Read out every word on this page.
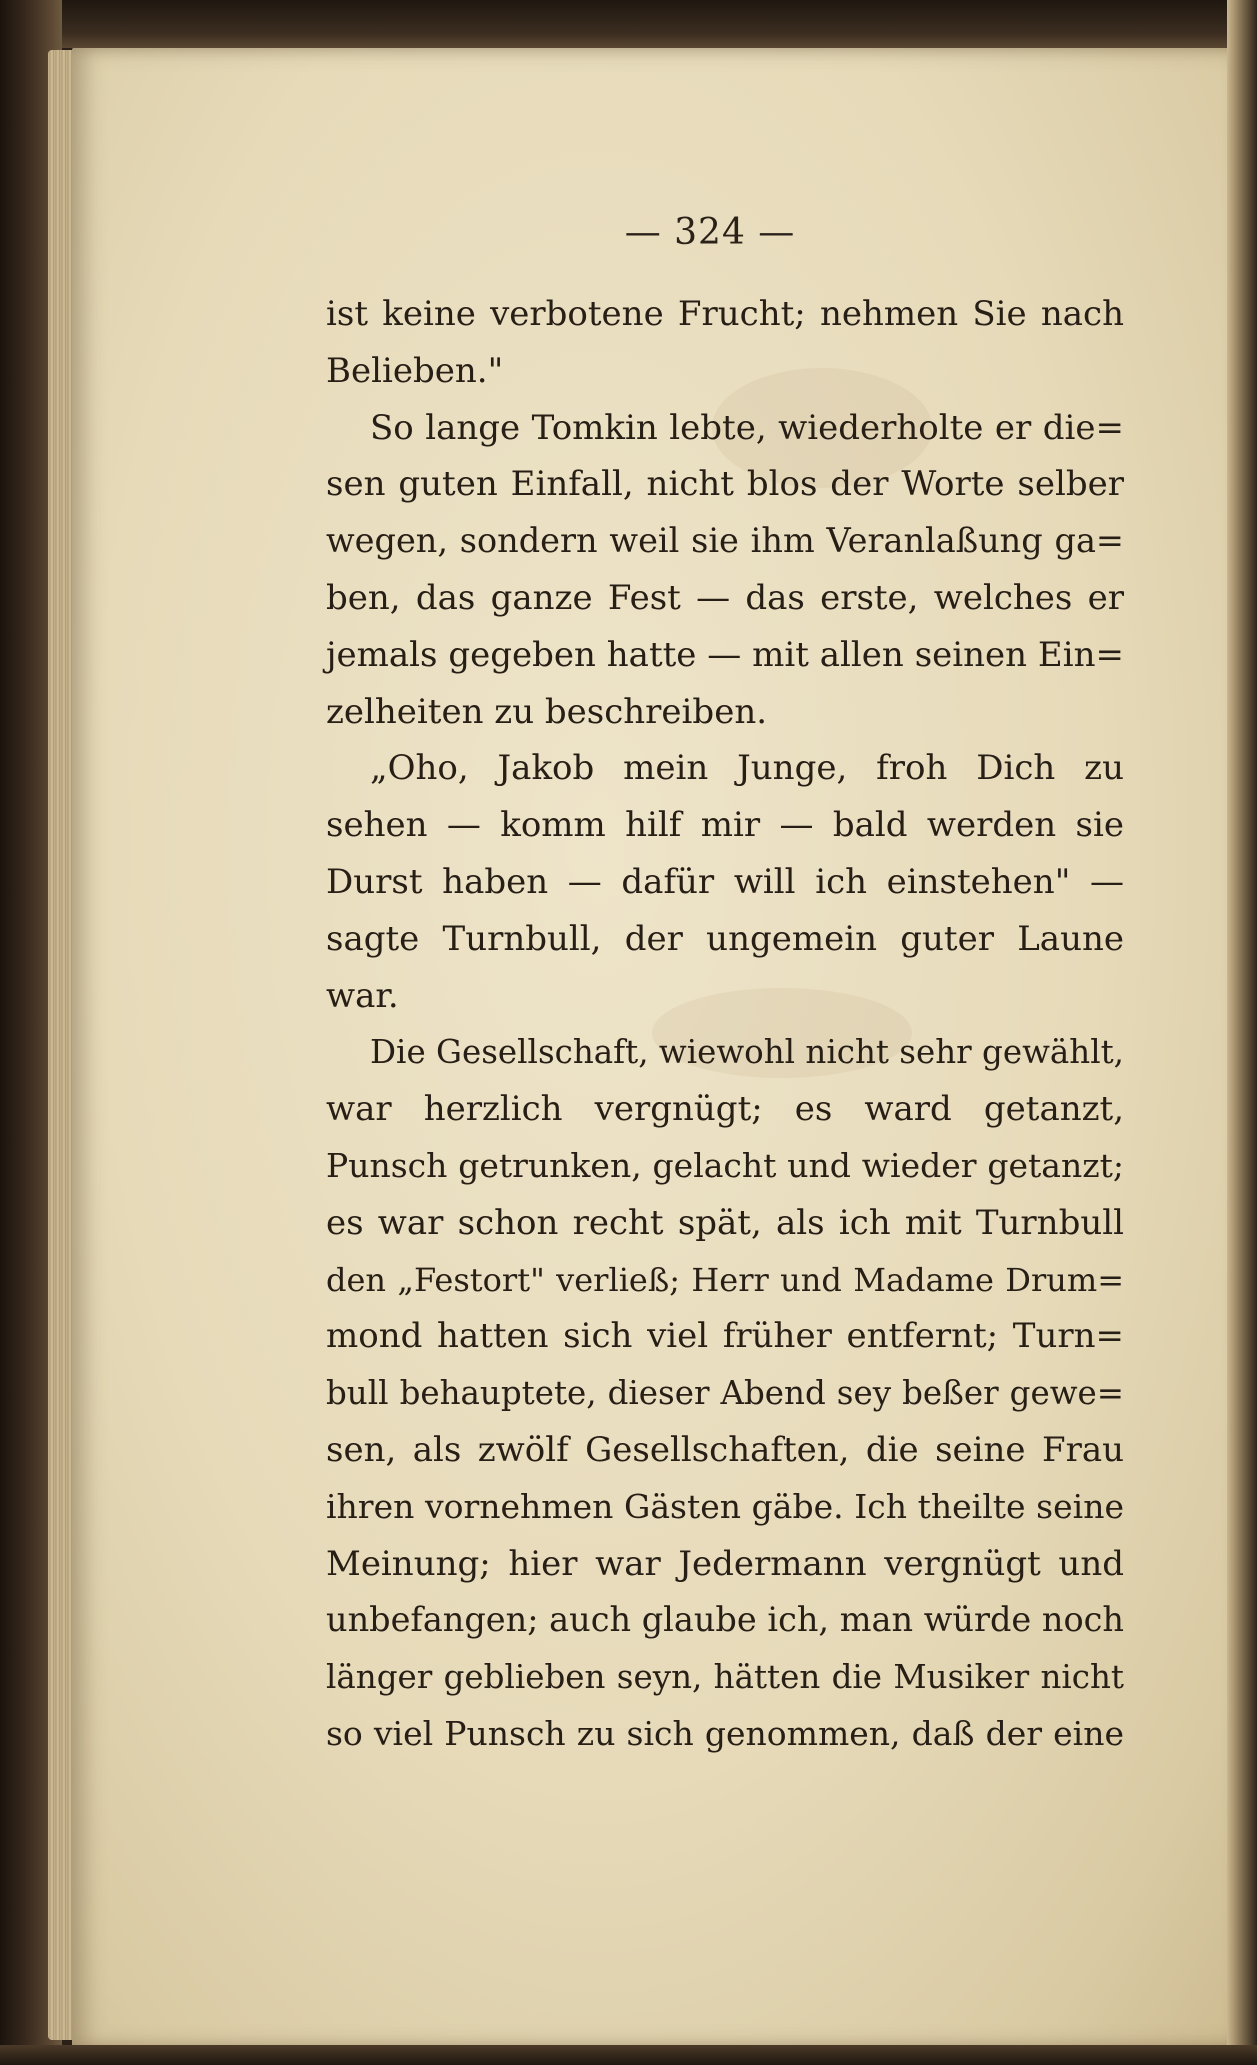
— 324 —
ist keine verbotene Frucht; nehmen Sie nach
Belieben."
So lange Tomkin lebte, wiederholte er die=
sen guten Einfall, nicht blos der Worte selber
wegen, sondern weil sie ihm Veranlaßung ga=
ben, das ganze Fest — das erste, welches er
jemals gegeben hatte — mit allen seinen Ein=
zelheiten zu beschreiben.
„Oho, Jakob mein Junge, froh Dich zu
sehen — komm hilf mir — bald werden sie
Durst haben — dafür will ich einstehen" —
sagte Turnbull, der ungemein guter Laune
war.
Die Gesellschaft, wiewohl nicht sehr gewählt,
war herzlich vergnügt; es ward getanzt,
Punsch getrunken, gelacht und wieder getanzt;
es war schon recht spät, als ich mit Turnbull
den „Festort" verließ; Herr und Madame Drum=
mond hatten sich viel früher entfernt; Turn=
bull behauptete, dieser Abend sey beßer gewe=
sen, als zwölf Gesellschaften, die seine Frau
ihren vornehmen Gästen gäbe. Ich theilte seine
Meinung; hier war Jedermann vergnügt und
unbefangen; auch glaube ich, man würde noch
länger geblieben seyn, hätten die Musiker nicht
so viel Punsch zu sich genommen, daß der eine
